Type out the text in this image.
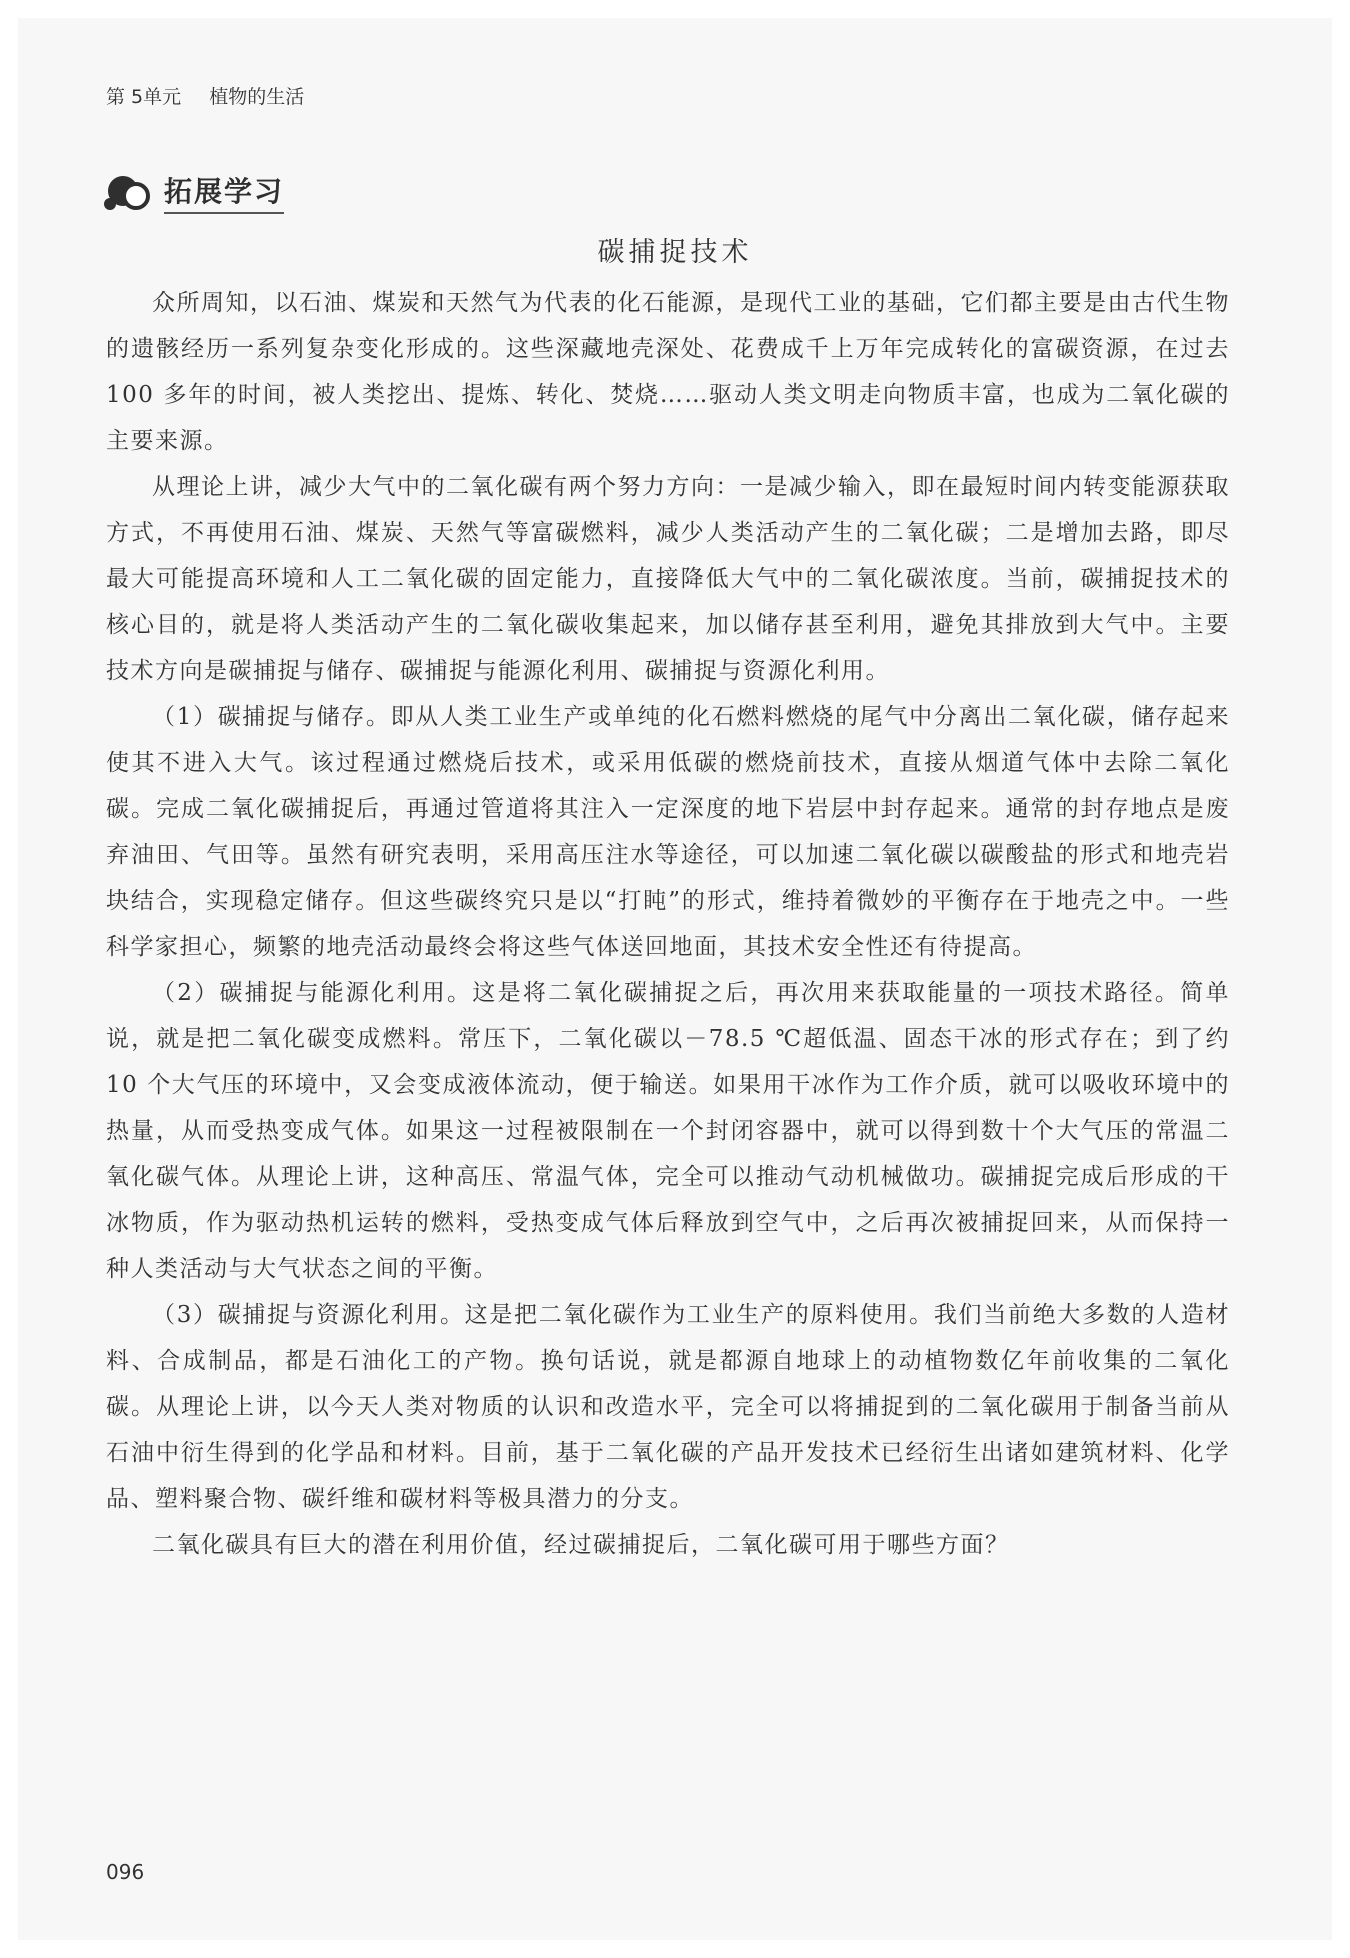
第 5单元 植物的生活
拓展学习
碳捕捉技术

众所周知，以石油、煤炭和天然气为代表的化石能源，是现代工业的基础，它们都主要是由古代生物的遗骸经历一系列复杂变化形成的。这些深藏地壳深处、花费成千上万年完成转化的富碳资源，在过去 100 多年的时间，被人类挖出、提炼、转化、焚烧……驱动人类文明走向物质丰富，也成为二氧化碳的主要来源。

从理论上讲，减少大气中的二氧化碳有两个努力方向：一是减少输入，即在最短时间内转变能源获取方式，不再使用石油、煤炭、天然气等富碳燃料，减少人类活动产生的二氧化碳；二是增加去路，即尽最大可能提高环境和人工二氧化碳的固定能力，直接降低大气中的二氧化碳浓度。当前，碳捕捉技术的核心目的，就是将人类活动产生的二氧化碳收集起来，加以储存甚至利用，避免其排放到大气中。主要技术方向是碳捕捉与储存、碳捕捉与能源化利用、碳捕捉与资源化利用。

（1）碳捕捉与储存。即从人类工业生产或单纯的化石燃料燃烧的尾气中分离出二氧化碳，储存起来使其不进入大气。该过程通过燃烧后技术，或采用低碳的燃烧前技术，直接从烟道气体中去除二氧化碳。完成二氧化碳捕捉后，再通过管道将其注入一定深度的地下岩层中封存起来。通常的封存地点是废弃油田、气田等。虽然有研究表明，采用高压注水等途径，可以加速二氧化碳以碳酸盐的形式和地壳岩块结合，实现稳定储存。但这些碳终究只是以“打盹”的形式，维持着微妙的平衡存在于地壳之中。一些科学家担心，频繁的地壳活动最终会将这些气体送回地面，其技术安全性还有待提高。

（2）碳捕捉与能源化利用。这是将二氧化碳捕捉之后，再次用来获取能量的一项技术路径。简单说，就是把二氧化碳变成燃料。常压下，二氧化碳以－78.5 ℃超低温、固态干冰的形式存在；到了约 10 个大气压的环境中，又会变成液体流动，便于输送。如果用干冰作为工作介质，就可以吸收环境中的热量，从而受热变成气体。如果这一过程被限制在一个封闭容器中，就可以得到数十个大气压的常温二氧化碳气体。从理论上讲，这种高压、常温气体，完全可以推动气动机械做功。碳捕捉完成后形成的干冰物质，作为驱动热机运转的燃料，受热变成气体后释放到空气中，之后再次被捕捉回来，从而保持一种人类活动与大气状态之间的平衡。

（3）碳捕捉与资源化利用。这是把二氧化碳作为工业生产的原料使用。我们当前绝大多数的人造材料、合成制品，都是石油化工的产物。换句话说，就是都源自地球上的动植物数亿年前收集的二氧化碳。从理论上讲，以今天人类对物质的认识和改造水平，完全可以将捕捉到的二氧化碳用于制备当前从石油中衍生得到的化学品和材料。目前，基于二氧化碳的产品开发技术已经衍生出诸如建筑材料、化学品、塑料聚合物、碳纤维和碳材料等极具潜力的分支。

二氧化碳具有巨大的潜在利用价值，经过碳捕捉后，二氧化碳可用于哪些方面？

096
